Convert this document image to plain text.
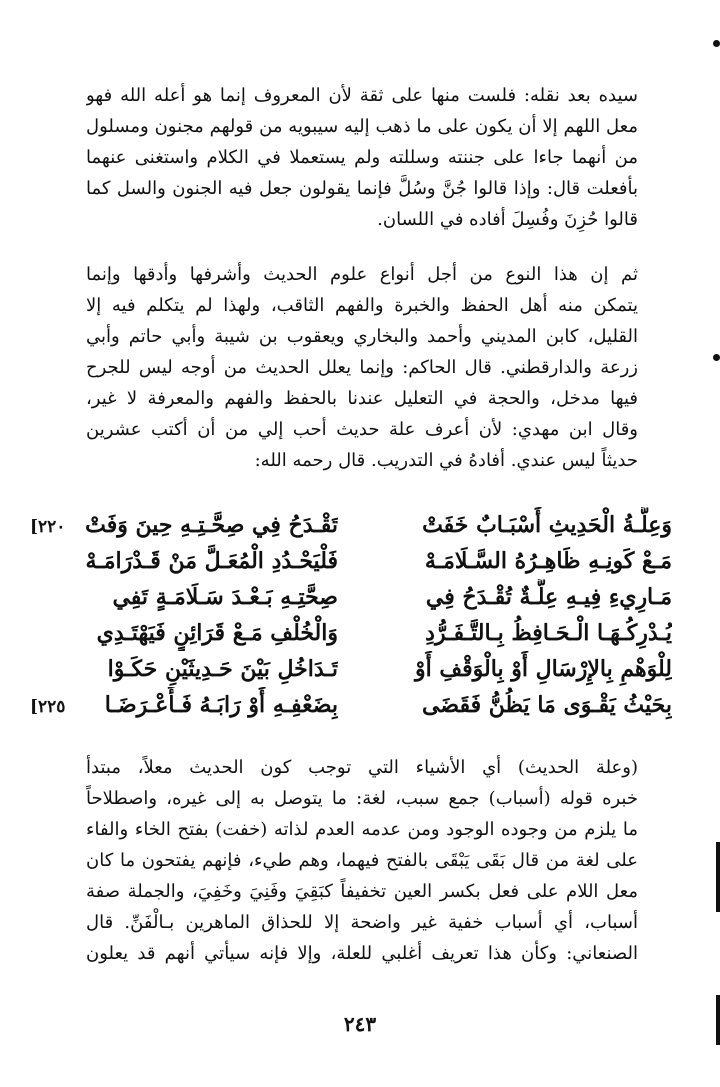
سيده بعد نقله: فلست منها على ثقة لأن المعروف إنما هو أعله الله فهو
معل اللهم إلا أن يكون على ما ذهب إليه سيبويه من قولهم مجنون ومسلول
من أنهما جاءا على جننته وسللته ولم يستعملا في الكلام واستغنى عنهما
بأفعلت قال: وإذا قالوا جُنَّ وسُلَّ فإنما يقولون جعل فيه الجنون والسل كما
قالوا حُزِنَ وفُسِلَ أفاده في اللسان.
ثم إن هذا النوع من أجل أنواع علوم الحديث وأشرفها وأدقها وإنما
يتمكن منه أهل الحفظ والخبرة والفهم الثاقب، ولهذا لم يتكلم فيه إلا
القليل، كابن المديني وأحمد والبخاري ويعقوب بن شيبة وأبي حاتم وأبي
زرعة والدارقطني. قال الحاكم: وإنما يعلل الحديث من أوجه ليس للجرح
فيها مدخل، والحجة في التعليل عندنا بالحفظ والفهم والمعرفة لا غير،
وقال ابن مهدي: لأن أعرف علة حديث أحب إلي من أن أكتب عشرين
حديثاً ليس عندي. أفادهُ في التدريب. قال رحمه الله:
وَعِلَّـةُ الْحَدِيثِ أَسْبَـابٌ خَفَتْ
تَقْـدَحُ فِي صِحَّـتِـهِ حِينَ وَفَتْ
[٢٢٠
مَـعْ كَونِـهِ ظَاهِـرُهُ السَّـلَامَـهْ
فَلْيَحْـدُدِ الْمُعَـلَّ مَنْ قَـدْرَامَـهْ
مَـارِيءِ فِيـهِ عِلَّـةٌ تُقْـدَحُ فِي
صِحَّتِـهِ بَـعْـدَ سَـلَامَـةٍ تَفِي
يُـدْرِكُـهَـا الْـحَـافِظُ بِـالتَّـفَـرُّدِ
وَالْخُلْفِ مَـعْ قَرَائِنٍ فَيَهْتَـدِي
لِلْوَهْمِ بِالإِرْسَالِ أَوْ بِالْوَقْفِ أَوْ
تَـدَاخُلِ بَيْنَ حَـدِيثَيْنِ حَكَـوْا
بِحَيْثُ يَقْـوَى مَا يَظُنُّ فَقَضَى
بِضَعْفِـهِ أَوْ رَابَـهُ فَـأَعْـرَضَـا
[٢٢٥
(وعلة الحديث) أي الأشياء التي توجب كون الحديث معلاً، مبتدأ
خبره قوله (أسباب) جمع سبب، لغة: ما يتوصل به إلى غيره، واصطلاحاً
ما يلزم من وجوده الوجود ومن عدمه العدم لذاته (خفت) بفتح الخاء والفاء
على لغة من قال بَقَى يَبْقَى بالفتح فيهما، وهم طيء، فإنهم يفتحون ما كان
معل اللام على فعل بكسر العين تخفيفاً كبَقِيَ وفَنِيَ وخَفِيَ، والجملة صفة
أسباب، أي أسباب خفية غير واضحة إلا للحذاق الماهرين بـالْفَنِّ. قال
الصنعاني: وكأن هذا تعريف أغلبي للعلة، وإلا فإنه سيأتي أنهم قد يعلون
٢٤٣
